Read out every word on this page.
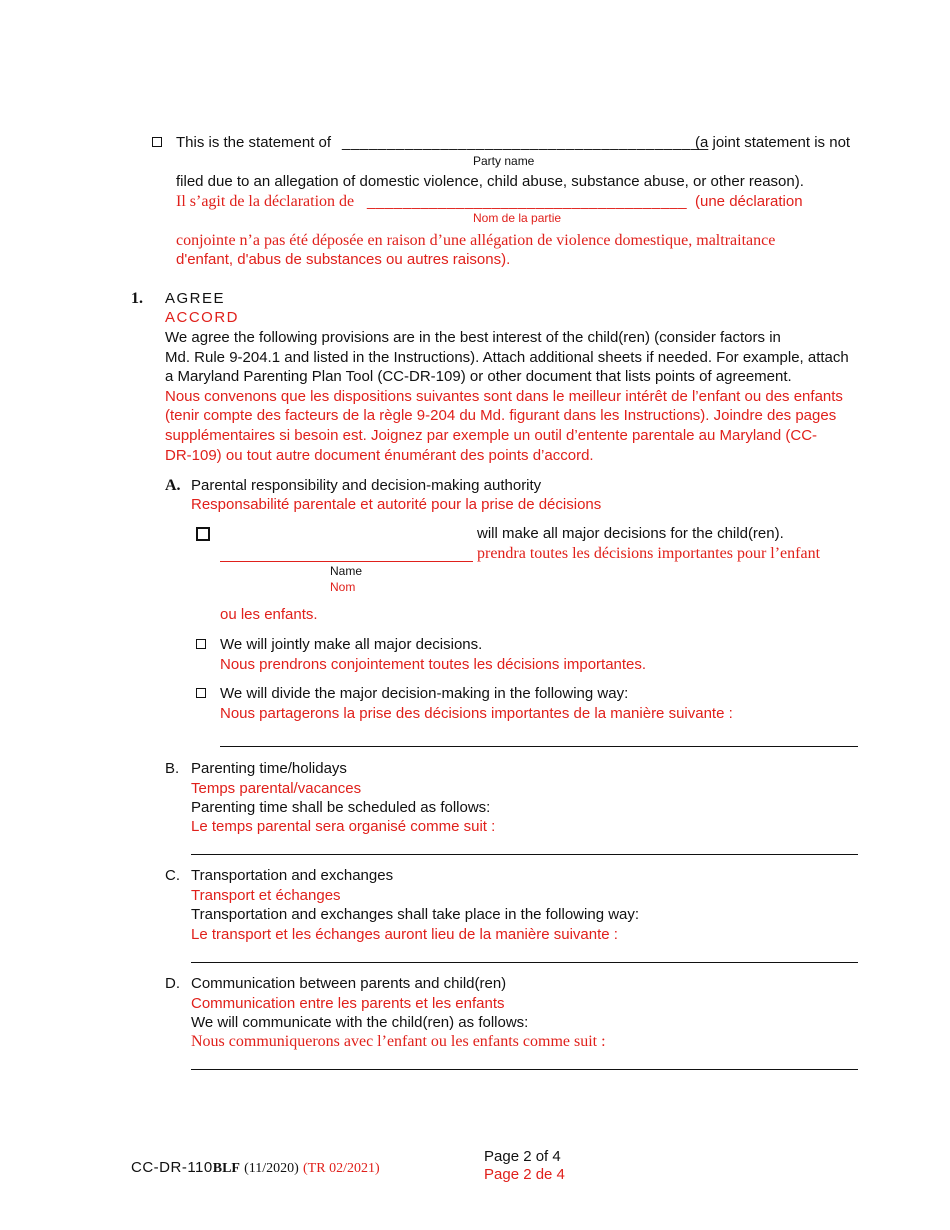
This is the statement of _________________________________________
(a joint statement is not
Party name
filed due to an allegation of domestic violence, child abuse, substance abuse, or other reason).
Il s’agit de la déclaration de ____________________________________ (une déclaration
Nom de la partie
conjointe n’a pas été déposée en raison d’une allégation de violence domestique, maltraitance
d'enfant, d'abus de substances ou autres raisons).
1. AGREE
ACCORD
We agree the following provisions are in the best interest of the child(ren) (consider factors in
Md. Rule 9-204.1 and listed in the Instructions). Attach additional sheets if needed. For example, attach
a Maryland Parenting Plan Tool (CC-DR-109) or other document that lists points of agreement.
Nous convenons que les dispositions suivantes sont dans le meilleur intérêt de l’enfant ou des enfants
(tenir compte des facteurs de la règle 9-204 du Md. figurant dans les Instructions). Joindre des pages
supplémentaires si besoin est. Joignez par exemple un outil d’entente parentale au Maryland (CC-
DR-109) ou tout autre document énumérant des points d’accord.
A. Parental responsibility and decision-making authority
Responsabilité parentale et autorité pour la prise de décisions
will make all major decisions for the child(ren).
prendra toutes les décisions importantes pour l’enfant
Name
Nom
ou les enfants.
We will jointly make all major decisions.
Nous prendrons conjointement toutes les décisions importantes.
We will divide the major decision-making in the following way:
Nous partagerons la prise des décisions importantes de la manière suivante :
B. Parenting time/holidays
Temps parental/vacances
Parenting time shall be scheduled as follows:
Le temps parental sera organisé comme suit :
C. Transportation and exchanges
Transport et échanges
Transportation and exchanges shall take place in the following way:
Le transport et les échanges auront lieu de la manière suivante :
D. Communication between parents and child(ren)
Communication entre les parents et les enfants
We will communicate with the child(ren) as follows:
Nous communiquerons avec l’enfant ou les enfants comme suit :
CC-DR-110BLF (11/2020) (TR 02/2021)
Page 2 of 4
Page 2 de 4
